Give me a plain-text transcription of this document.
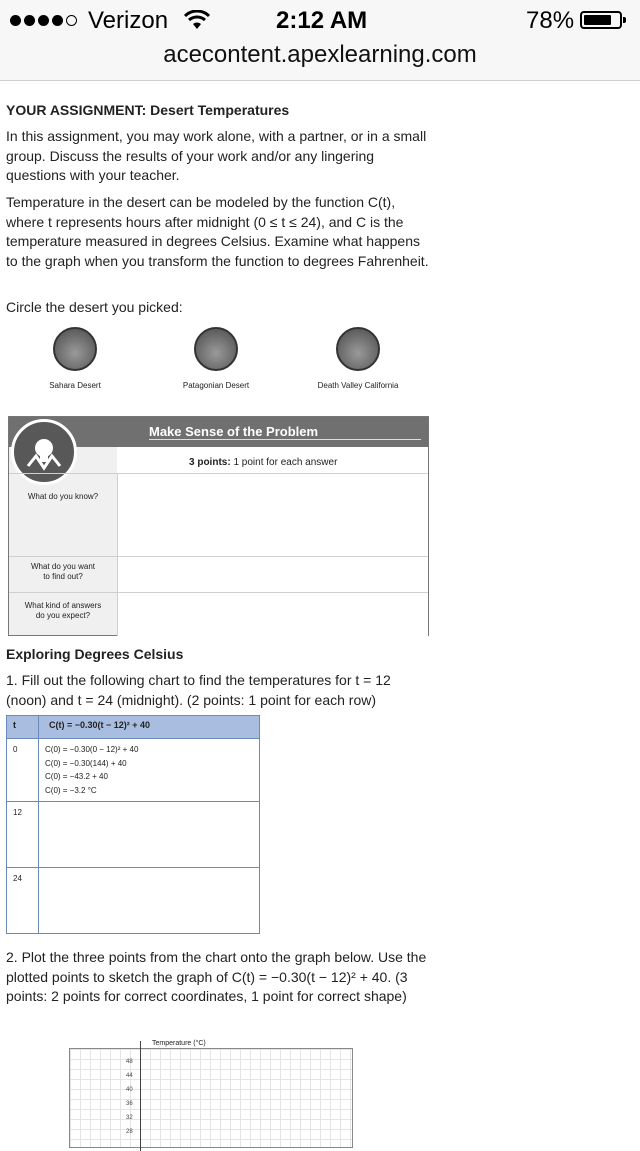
Verizon	2:12 AM	78%
acecontent.apexlearning.com
YOUR ASSIGNMENT: Desert Temperatures
In this assignment, you may work alone, with a partner, or in a small group. Discuss the results of your work and/or any lingering questions with your teacher.
Temperature in the desert can be modeled by the function C(t), where t represents hours after midnight (0 ≤ t ≤ 24), and C is the temperature measured in degrees Celsius. Examine what happens to the graph when you transform the function to degrees Fahrenheit.
Circle the desert you picked:
Sahara Desert	Patagonian Desert	Death Valley California
Make Sense of the Problem
3 points: 1 point for each answer
What do you know?
What do you want
to find out?
What kind of answers
do you expect?
Exploring Degrees Celsius
1. Fill out the following chart to find the temperatures for t = 12 (noon) and t = 24 (midnight). (2 points: 1 point for each row)
t	C(t) = −0.30(t − 12)² + 40
0	C(0) = −0.30(0 − 12)² + 40
C(0) = −0.30(144) + 40
C(0) = −43.2 + 40
C(0) = −3.2 °C
12
24
2. Plot the three points from the chart onto the graph below. Use the plotted points to sketch the graph of C(t) = −0.30(t − 12)² + 40. (3 points: 2 points for correct coordinates, 1 point for correct shape)
Temperature (°C)
48
44
40
36
32
28
